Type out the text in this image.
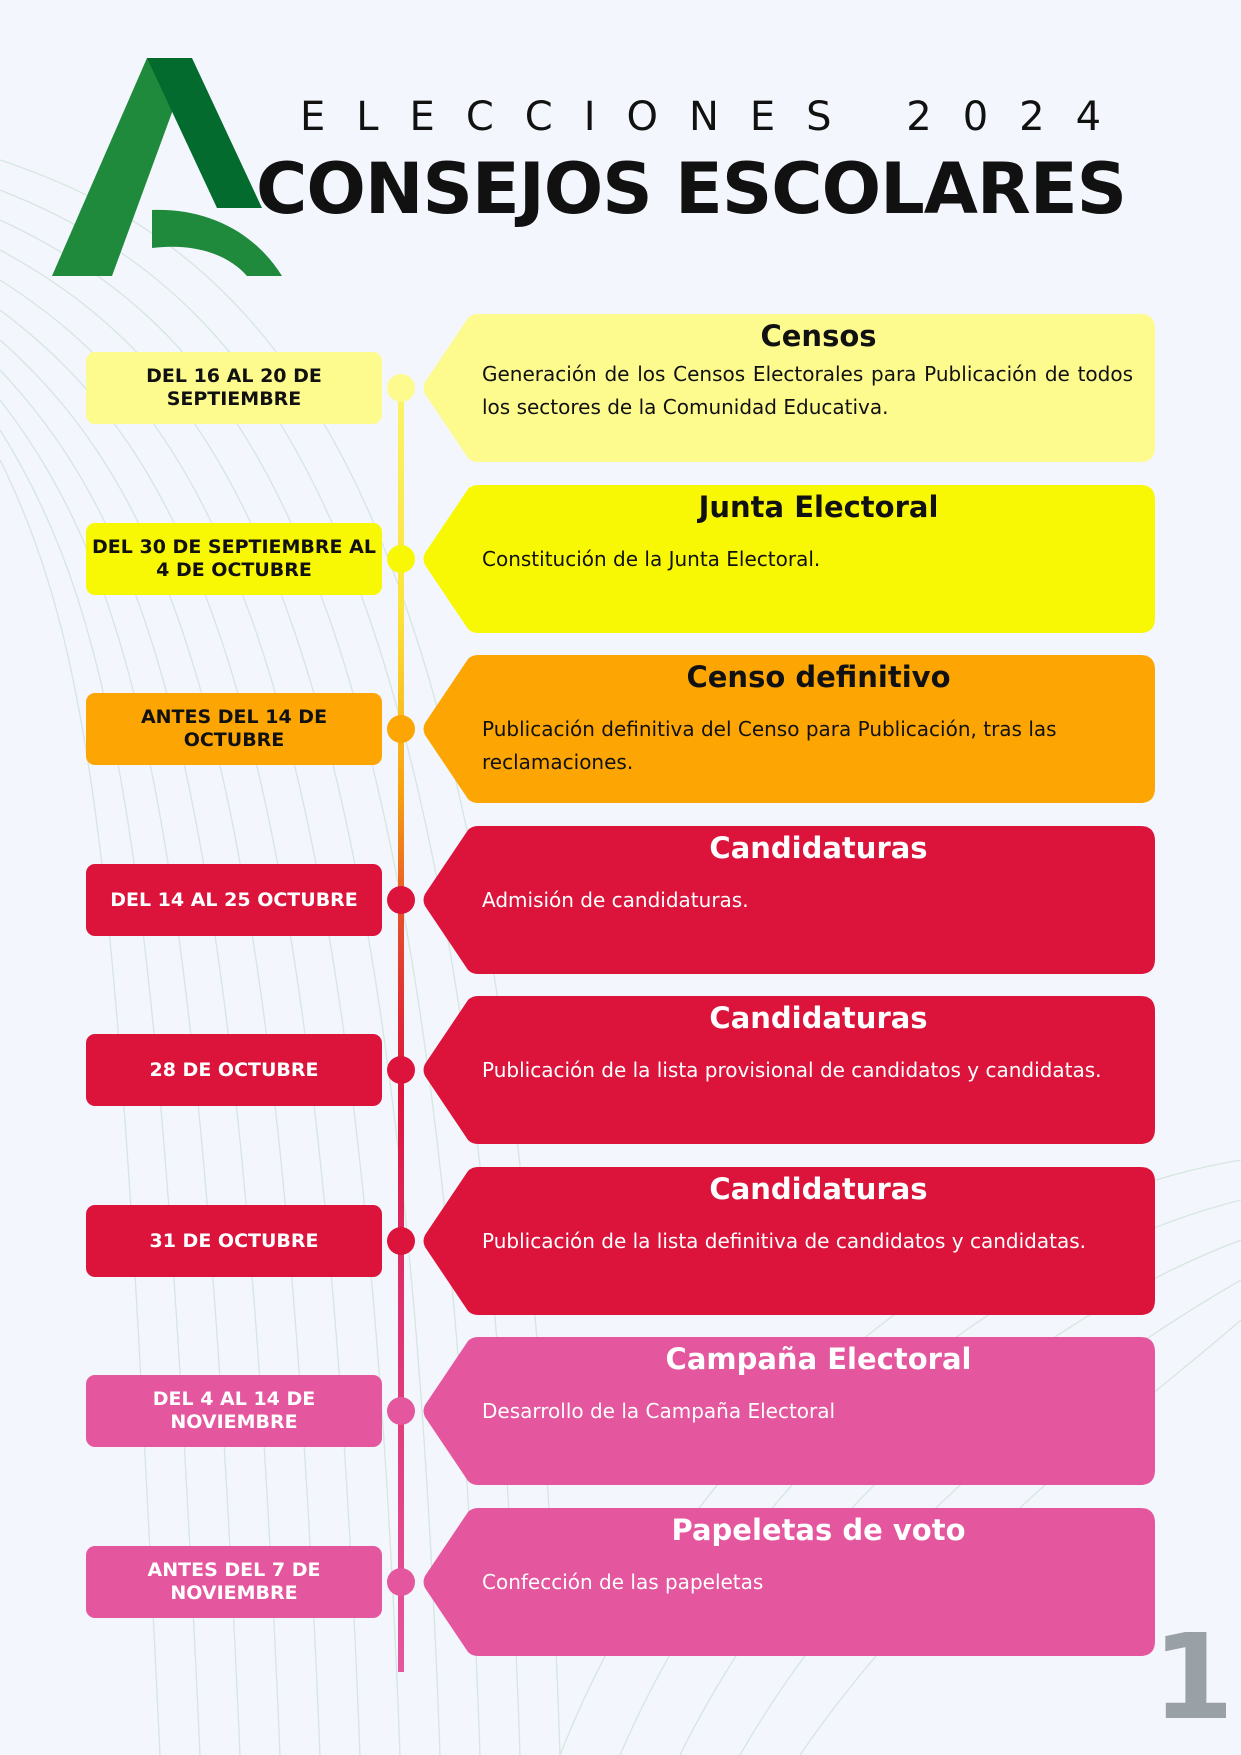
ELECCIONES 2024
CONSEJOS ESCOLARES
DEL 16 AL 20 DE SEPTIEMBRE
Censos
Generación de los Censos Electorales para Publicación de todos los sectores de la Comunidad Educativa.
DEL 30 DE SEPTIEMBRE AL 4 DE OCTUBRE
Junta Electoral
Constitución de la Junta Electoral.
ANTES DEL 14 DE OCTUBRE
Censo definitivo
Publicación definitiva del Censo para Publicación, tras las reclamaciones.
DEL 14 AL 25 OCTUBRE
Candidaturas
Admisión de candidaturas.
28 DE OCTUBRE
Candidaturas
Publicación de la lista provisional de candidatos y candidatas.
31 DE OCTUBRE
Candidaturas
Publicación de la lista definitiva de candidatos y candidatas.
DEL 4 AL 14 DE NOVIEMBRE
Campaña Electoral
Desarrollo de la Campaña Electoral
ANTES DEL 7 DE NOVIEMBRE
Papeletas de voto
Confección de las papeletas
1
